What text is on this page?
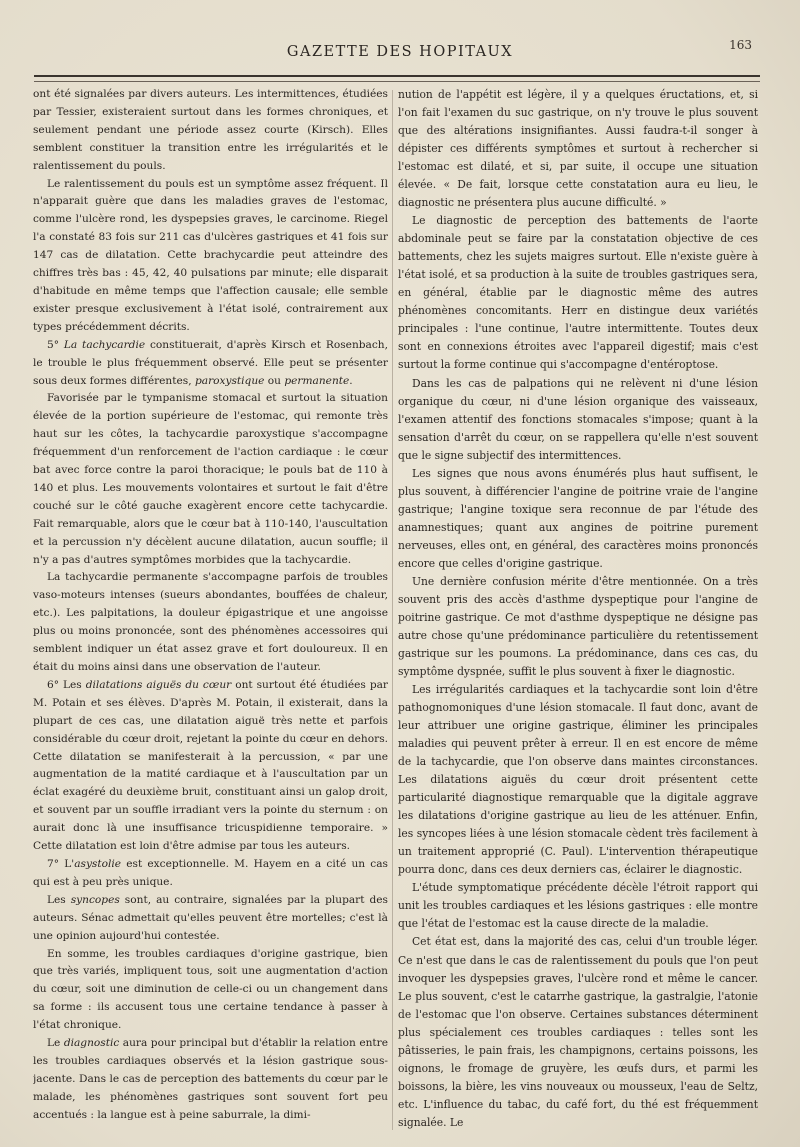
GAZETTE DES HOPITAUX	163

ont été signalées par divers auteurs. Les intermittences, étudiées par Tessier, existeraient surtout dans les formes chroniques, et seulement pendant une période assez courte (Kirsch). Elles semblent constituer la transition entre les irrégularités et le ralentissement du pouls.

Le ralentissement du pouls est un symptôme assez fréquent. Il n'apparait guère que dans les maladies graves de l'estomac, comme l'ulcère rond, les dyspepsies graves, le carcinome. Riegel l'a constaté 83 fois sur 211 cas d'ulcères gastriques et 41 fois sur 147 cas de dilatation. Cette brachycardie peut atteindre des chiffres très bas : 45, 42, 40 pulsations par minute; elle disparait d'habitude en même temps que l'affection causale; elle semble exister presque exclusivement à l'état isolé, contrairement aux types précédemment décrits.

5° La tachycardie constituerait, d'après Kirsch et Rosenbach, le trouble le plus fréquemment observé. Elle peut se présenter sous deux formes différentes, paroxystique ou permanente.

Favorisée par le tympanisme stomacal et surtout la situation élevée de la portion supérieure de l'estomac, qui remonte très haut sur les côtes, la tachycardie paroxystique s'accompagne fréquemment d'un renforcement de l'action cardiaque : le cœur bat avec force contre la paroi thoracique; le pouls bat de 110 à 140 et plus. Les mouvements volontaires et surtout le fait d'être couché sur le côté gauche exagèrent encore cette tachycardie. Fait remarquable, alors que le cœur bat à 110-140, l'auscultation et la percussion n'y décèlent aucune dilatation, aucun souffle; il n'y a pas d'autres symptômes morbides que la tachycardie.

La tachycardie permanente s'accompagne parfois de troubles vaso-moteurs intenses (sueurs abondantes, bouffées de chaleur, etc.). Les palpitations, la douleur épigastrique et une angoisse plus ou moins prononcée, sont des phénomènes accessoires qui semblent indiquer un état assez grave et fort douloureux. Il en était du moins ainsi dans une observation de l'auteur.

6° Les dilatations aiguës du cœur ont surtout été étudiées par M. Potain et ses élèves. D'après M. Potain, il existerait, dans la plupart de ces cas, une dilatation aiguë très nette et parfois considérable du cœur droit, rejetant la pointe du cœur en dehors. Cette dilatation se manifesterait à la percussion, « par une augmentation de la matité cardiaque et à l'auscultation par un éclat exagéré du deuxième bruit, constituant ainsi un galop droit, et souvent par un souffle irradiant vers la pointe du sternum : on aurait donc là une insuffisance tricuspidienne temporaire. » Cette dilatation est loin d'être admise par tous les auteurs.

7° L'asystolie est exceptionnelle. M. Hayem en a cité un cas qui est à peu près unique.

Les syncopes sont, au contraire, signalées par la plupart des auteurs. Sénac admettait qu'elles peuvent être mortelles; c'est là une opinion aujourd'hui contestée.

En somme, les troubles cardiaques d'origine gastrique, bien que très variés, impliquent tous, soit une augmentation d'action du cœur, soit une diminution de celle-ci ou un changement dans sa forme : ils accusent tous une certaine tendance à passer à l'état chronique.

Le diagnostic aura pour principal but d'établir la relation entre les troubles cardiaques observés et la lésion gastrique sous-jacente. Dans le cas de perception des battements du cœur par le malade, les phénomènes gastriques sont souvent fort peu accentués : la langue est à peine saburrale, la dimi-

nution de l'appétit est légère, il y a quelques éructations, et, si l'on fait l'examen du suc gastrique, on n'y trouve le plus souvent que des altérations insignifiantes. Aussi faudra-t-il songer à dépister ces différents symptômes et surtout à rechercher si l'estomac est dilaté, et si, par suite, il occupe une situation élevée. « De fait, lorsque cette constatation aura eu lieu, le diagnostic ne présentera plus aucune difficulté. »

Le diagnostic de perception des battements de l'aorte abdominale peut se faire par la constatation objective de ces battements, chez les sujets maigres surtout. Elle n'existe guère à l'état isolé, et sa production à la suite de troubles gastriques sera, en général, établie par le diagnostic même des autres phénomènes concomitants. Herr en distingue deux variétés principales : l'une continue, l'autre intermittente. Toutes deux sont en connexions étroites avec l'appareil digestif; mais c'est surtout la forme continue qui s'accompagne d'entéroptose.

Dans les cas de palpations qui ne relèvent ni d'une lésion organique du cœur, ni d'une lésion organique des vaisseaux, l'examen attentif des fonctions stomacales s'impose; quant à la sensation d'arrêt du cœur, on se rappellera qu'elle n'est souvent que le signe subjectif des intermittences.

Les signes que nous avons énumérés plus haut suffisent, le plus souvent, à différencier l'angine de poitrine vraie de l'angine gastrique; l'angine toxique sera reconnue de par l'étude des anamnestiques; quant aux angines de poitrine purement nerveuses, elles ont, en général, des caractères moins prononcés encore que celles d'origine gastrique.

Une dernière confusion mérite d'être mentionnée. On a très souvent pris des accès d'asthme dyspeptique pour l'angine de poitrine gastrique. Ce mot d'asthme dyspeptique ne désigne pas autre chose qu'une prédominance particulière du retentissement gastrique sur les poumons. La prédominance, dans ces cas, du symptôme dyspnée, suffit le plus souvent à fixer le diagnostic.

Les irrégularités cardiaques et la tachycardie sont loin d'être pathognomoniques d'une lésion stomacale. Il faut donc, avant de leur attribuer une origine gastrique, éliminer les principales maladies qui peuvent prêter à erreur. Il en est encore de même de la tachycardie, que l'on observe dans maintes circonstances. Les dilatations aiguës du cœur droit présentent cette particularité diagnostique remarquable que la digitale aggrave les dilatations d'origine gastrique au lieu de les atténuer. Enfin, les syncopes liées à une lésion stomacale cèdent très facilement à un traitement approprié (C. Paul). L'intervention thérapeutique pourra donc, dans ces deux derniers cas, éclairer le diagnostic.

L'étude symptomatique précédente décèle l'étroit rapport qui unit les troubles cardiaques et les lésions gastriques : elle montre que l'état de l'estomac est la cause directe de la maladie.

Cet état est, dans la majorité des cas, celui d'un trouble léger. Ce n'est que dans le cas de ralentissement du pouls que l'on peut invoquer les dyspepsies graves, l'ulcère rond et même le cancer. Le plus souvent, c'est le catarrhe gastrique, la gastralgie, l'atonie de l'estomac que l'on observe. Certaines substances déterminent plus spécialement ces troubles cardiaques : telles sont les pâtisseries, le pain frais, les champignons, certains poissons, les oignons, le fromage de gruyère, les œufs durs, et parmi les boissons, la bière, les vins nouveaux ou mousseux, l'eau de Seltz, etc. L'influence du tabac, du café fort, du thé est fréquemment signalée. Le
